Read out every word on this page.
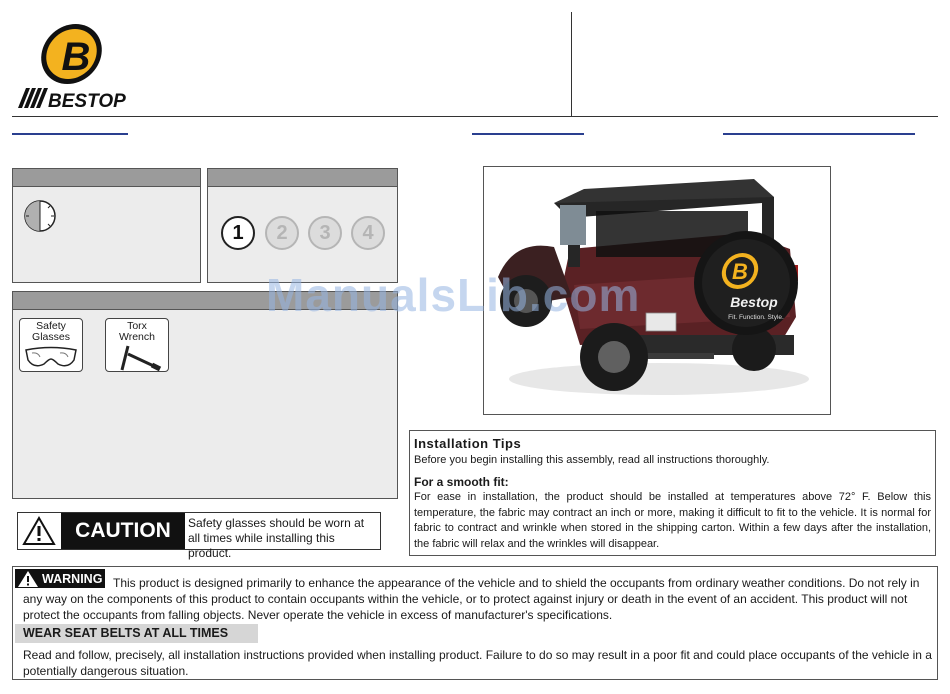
B
BESTOP
1	2	3	4
Safety Glasses
Torx Wrench
CAUTION	Safety glasses should be worn at all times while installing this product.
B
Bestop
Fit. Function. Style.
ManualsLib.com
Installation Tips
Before you begin installing this assembly, read all instructions thoroughly.
For a smooth fit:
For ease in installation, the product should be installed at temperatures above 72° F. Below this temperature, the fabric may contract an inch or more, making it difficult to fit to the vehicle. It is normal for fabric to contract and wrinkle when stored in the shipping carton. Within a few days after the installation, the fabric will relax and the wrinkles will disappear.
WARNING This product is designed primarily to enhance the appearance of the vehicle and to shield the occupants from ordinary weather conditions. Do not rely in any way on the components of this product to contain occupants within the vehicle, or to protect against injury or death in the event of an accident. This product will not protect the occupants from falling objects. Never operate the vehicle in excess of manufacturer's specifications.
WEAR SEAT BELTS AT ALL TIMES
Read and follow, precisely, all installation instructions provided when installing product. Failure to do so may result in a poor fit and could place occupants of the vehicle in a potentially dangerous situation.
